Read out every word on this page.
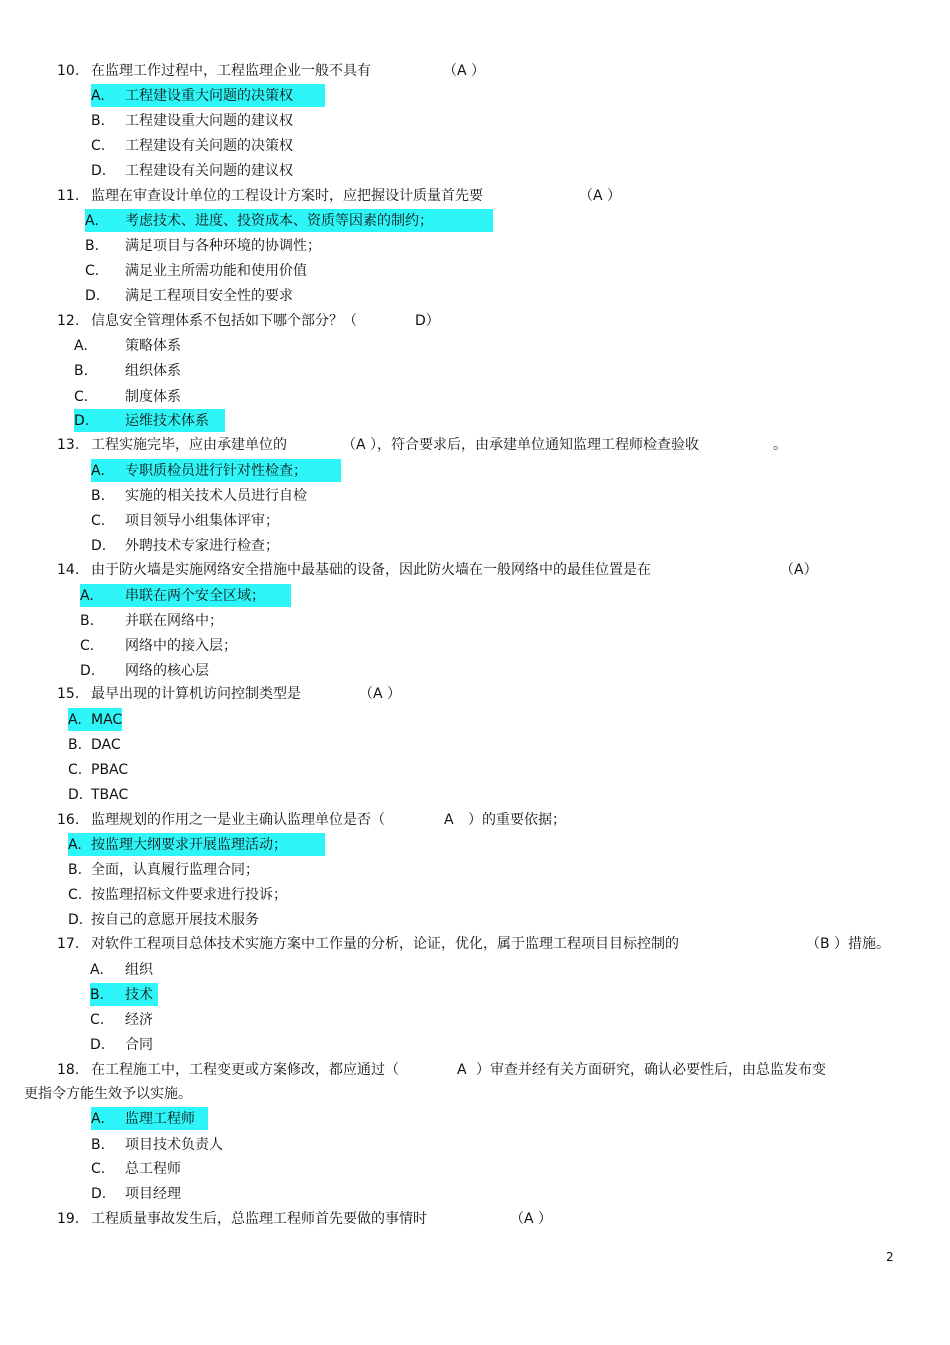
10. 在监理工作过程中，工程监理企业一般不具有	（A ）
A. 工程建设重大问题的决策权
B. 工程建设重大问题的建议权
C. 工程建设有关问题的决策权
D. 工程建设有关问题的建议权
11. 监理在审查设计单位的工程设计方案时，应把握设计质量首先要	（A ）
A. 考虑技术、进度、投资成本、资质等因素的制约；
B. 满足项目与各种环境的协调性；
C. 满足业主所需功能和使用价值
D. 满足工程项目安全性的要求
12. 信息安全管理体系不包括如下哪个部分？（	D）
A.	策略体系
B.	组织体系
C.	制度体系
D.	运维技术体系
13. 工程实施完毕，应由承建单位的	（A ），符合要求后，由承建单位通知监理工程师检查验收	。
A. 专职质检员进行针对性检查；
B. 实施的相关技术人员进行自检
C. 项目领导小组集体评审；
D. 外聘技术专家进行检查；
14. 由于防火墙是实施网络安全措施中最基础的设备，因此防火墙在一般网络中的最佳位置是在	（A）
A. 串联在两个安全区域；
B. 并联在网络中；
C. 网络中的接入层；
D. 网络的核心层
15. 最早出现的计算机访问控制类型是	（A ）
A. MAC
B. DAC
C. PBAC
D. TBAC
16. 监理规划的作用之一是业主确认监理单位是否（	A ）的重要依据；
A. 按监理大纲要求开展监理活动；
B. 全面，认真履行监理合同；
C. 按监理招标文件要求进行投诉；
D. 按自己的意愿开展技术服务
17. 对软件工程项目总体技术实施方案中工作量的分析，论证，优化，属于监理工程项目目标控制的	（B ）措施。
A. 组织
B. 技术
C. 经济
D. 合同
18. 在工程施工中，工程变更或方案修改，都应通过（	A ）审查并经有关方面研究，确认必要性后，由总监发布变
更指令方能生效予以实施。
A. 监理工程师
B. 项目技术负责人
C. 总工程师
D. 项目经理
19. 工程质量事故发生后，总监理工程师首先要做的事情时	（A ）
2
